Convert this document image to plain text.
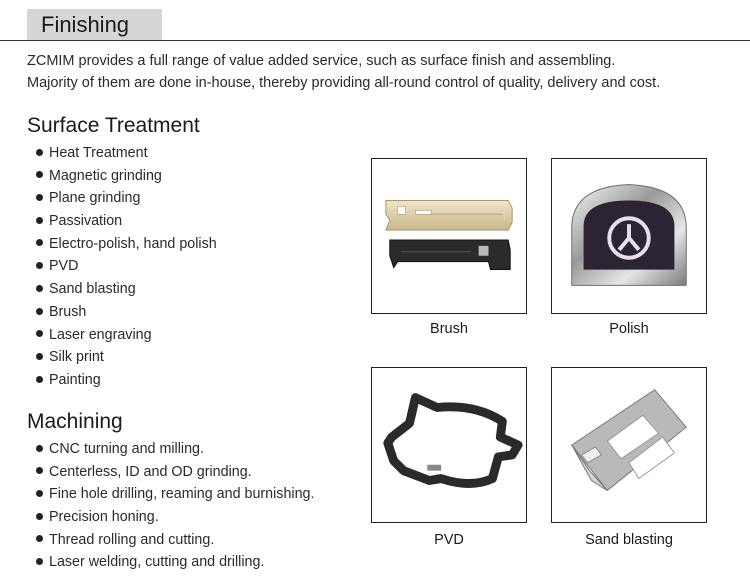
Finishing
ZCMIM provides a full range of value added service, such as surface finish and assembling.
Majority of them are done in-house, thereby providing all-round control of quality, delivery and cost.
Surface Treatment
Heat Treatment
Magnetic grinding
Plane grinding
Passivation
Electro-polish, hand polish
PVD
Sand blasting
Brush
Laser engraving
Silk print
Painting
Machining
CNC turning and milling.
Centerless, ID and OD grinding.
Fine hole drilling, reaming and burnishing.
Precision honing.
Thread rolling and cutting.
Laser welding, cutting and drilling.
Brush	Polish
PVD	Sand blasting
